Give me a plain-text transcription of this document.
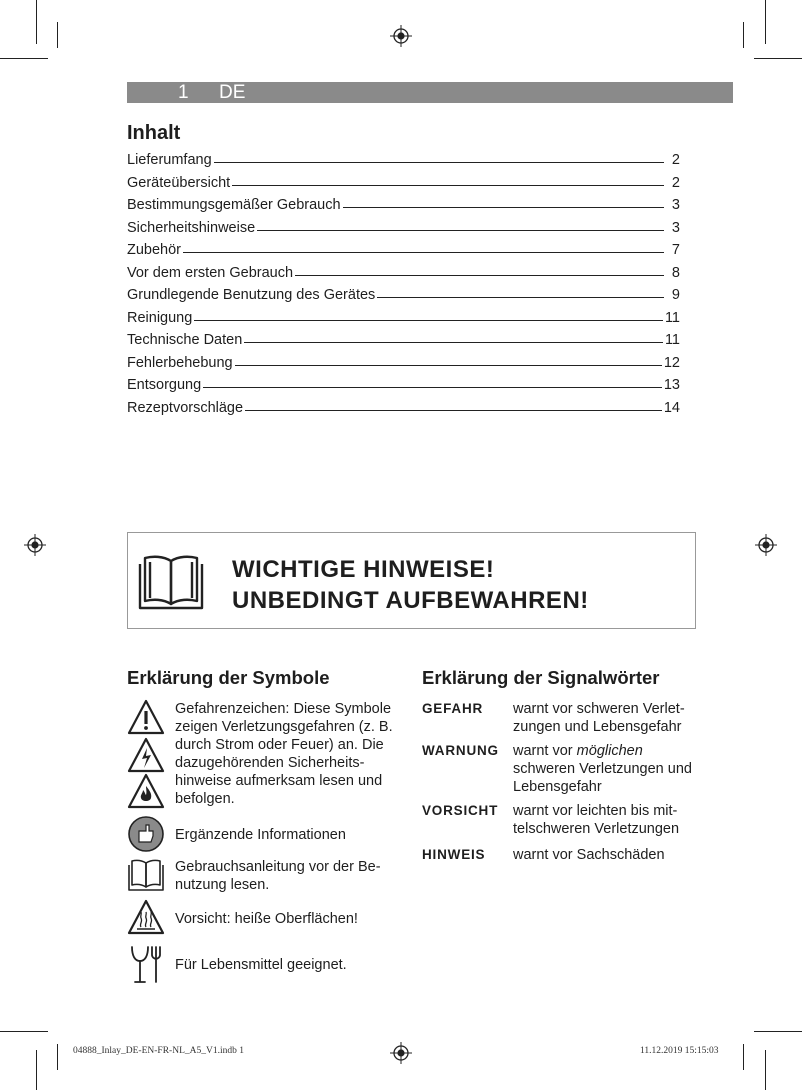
1 DE
Inhalt
Lieferumfang	2
Geräteübersicht	2
Bestimmungsgemäßer Gebrauch	3
Sicherheitshinweise	3
Zubehör	7
Vor dem ersten Gebrauch	8
Grundlegende Benutzung des Gerätes	9
Reinigung	11
Technische Daten	11
Fehlerbehebung	12
Entsorgung	13
Rezeptvorschläge	14
WICHTIGE HINWEISE!
UNBEDINGT AUFBEWAHREN!
Erklärung der Symbole
Gefahrenzeichen: Diese Symbole zeigen Verletzungsgefahren (z. B. durch Strom oder Feuer) an. Die dazugehörenden Sicherheits-hinweise aufmerksam lesen und befolgen.
Ergänzende Informationen
Gebrauchsanleitung vor der Be-nutzung lesen.
Vorsicht: heiße Oberflächen!
Für Lebensmittel geeignet.
Erklärung der Signalwörter
GEFAHR warnt vor schweren Verlet-zungen und Lebensgefahr
WARNUNG warnt vor möglichen
schweren Verletzungen und Lebensgefahr
VORSICHT warnt vor leichten bis mit-telschweren Verletzungen
HINWEIS warnt vor Sachschäden
04888_Inlay_DE-EN-FR-NL_A5_V1.indb 1	11.12.2019 15:15:03
